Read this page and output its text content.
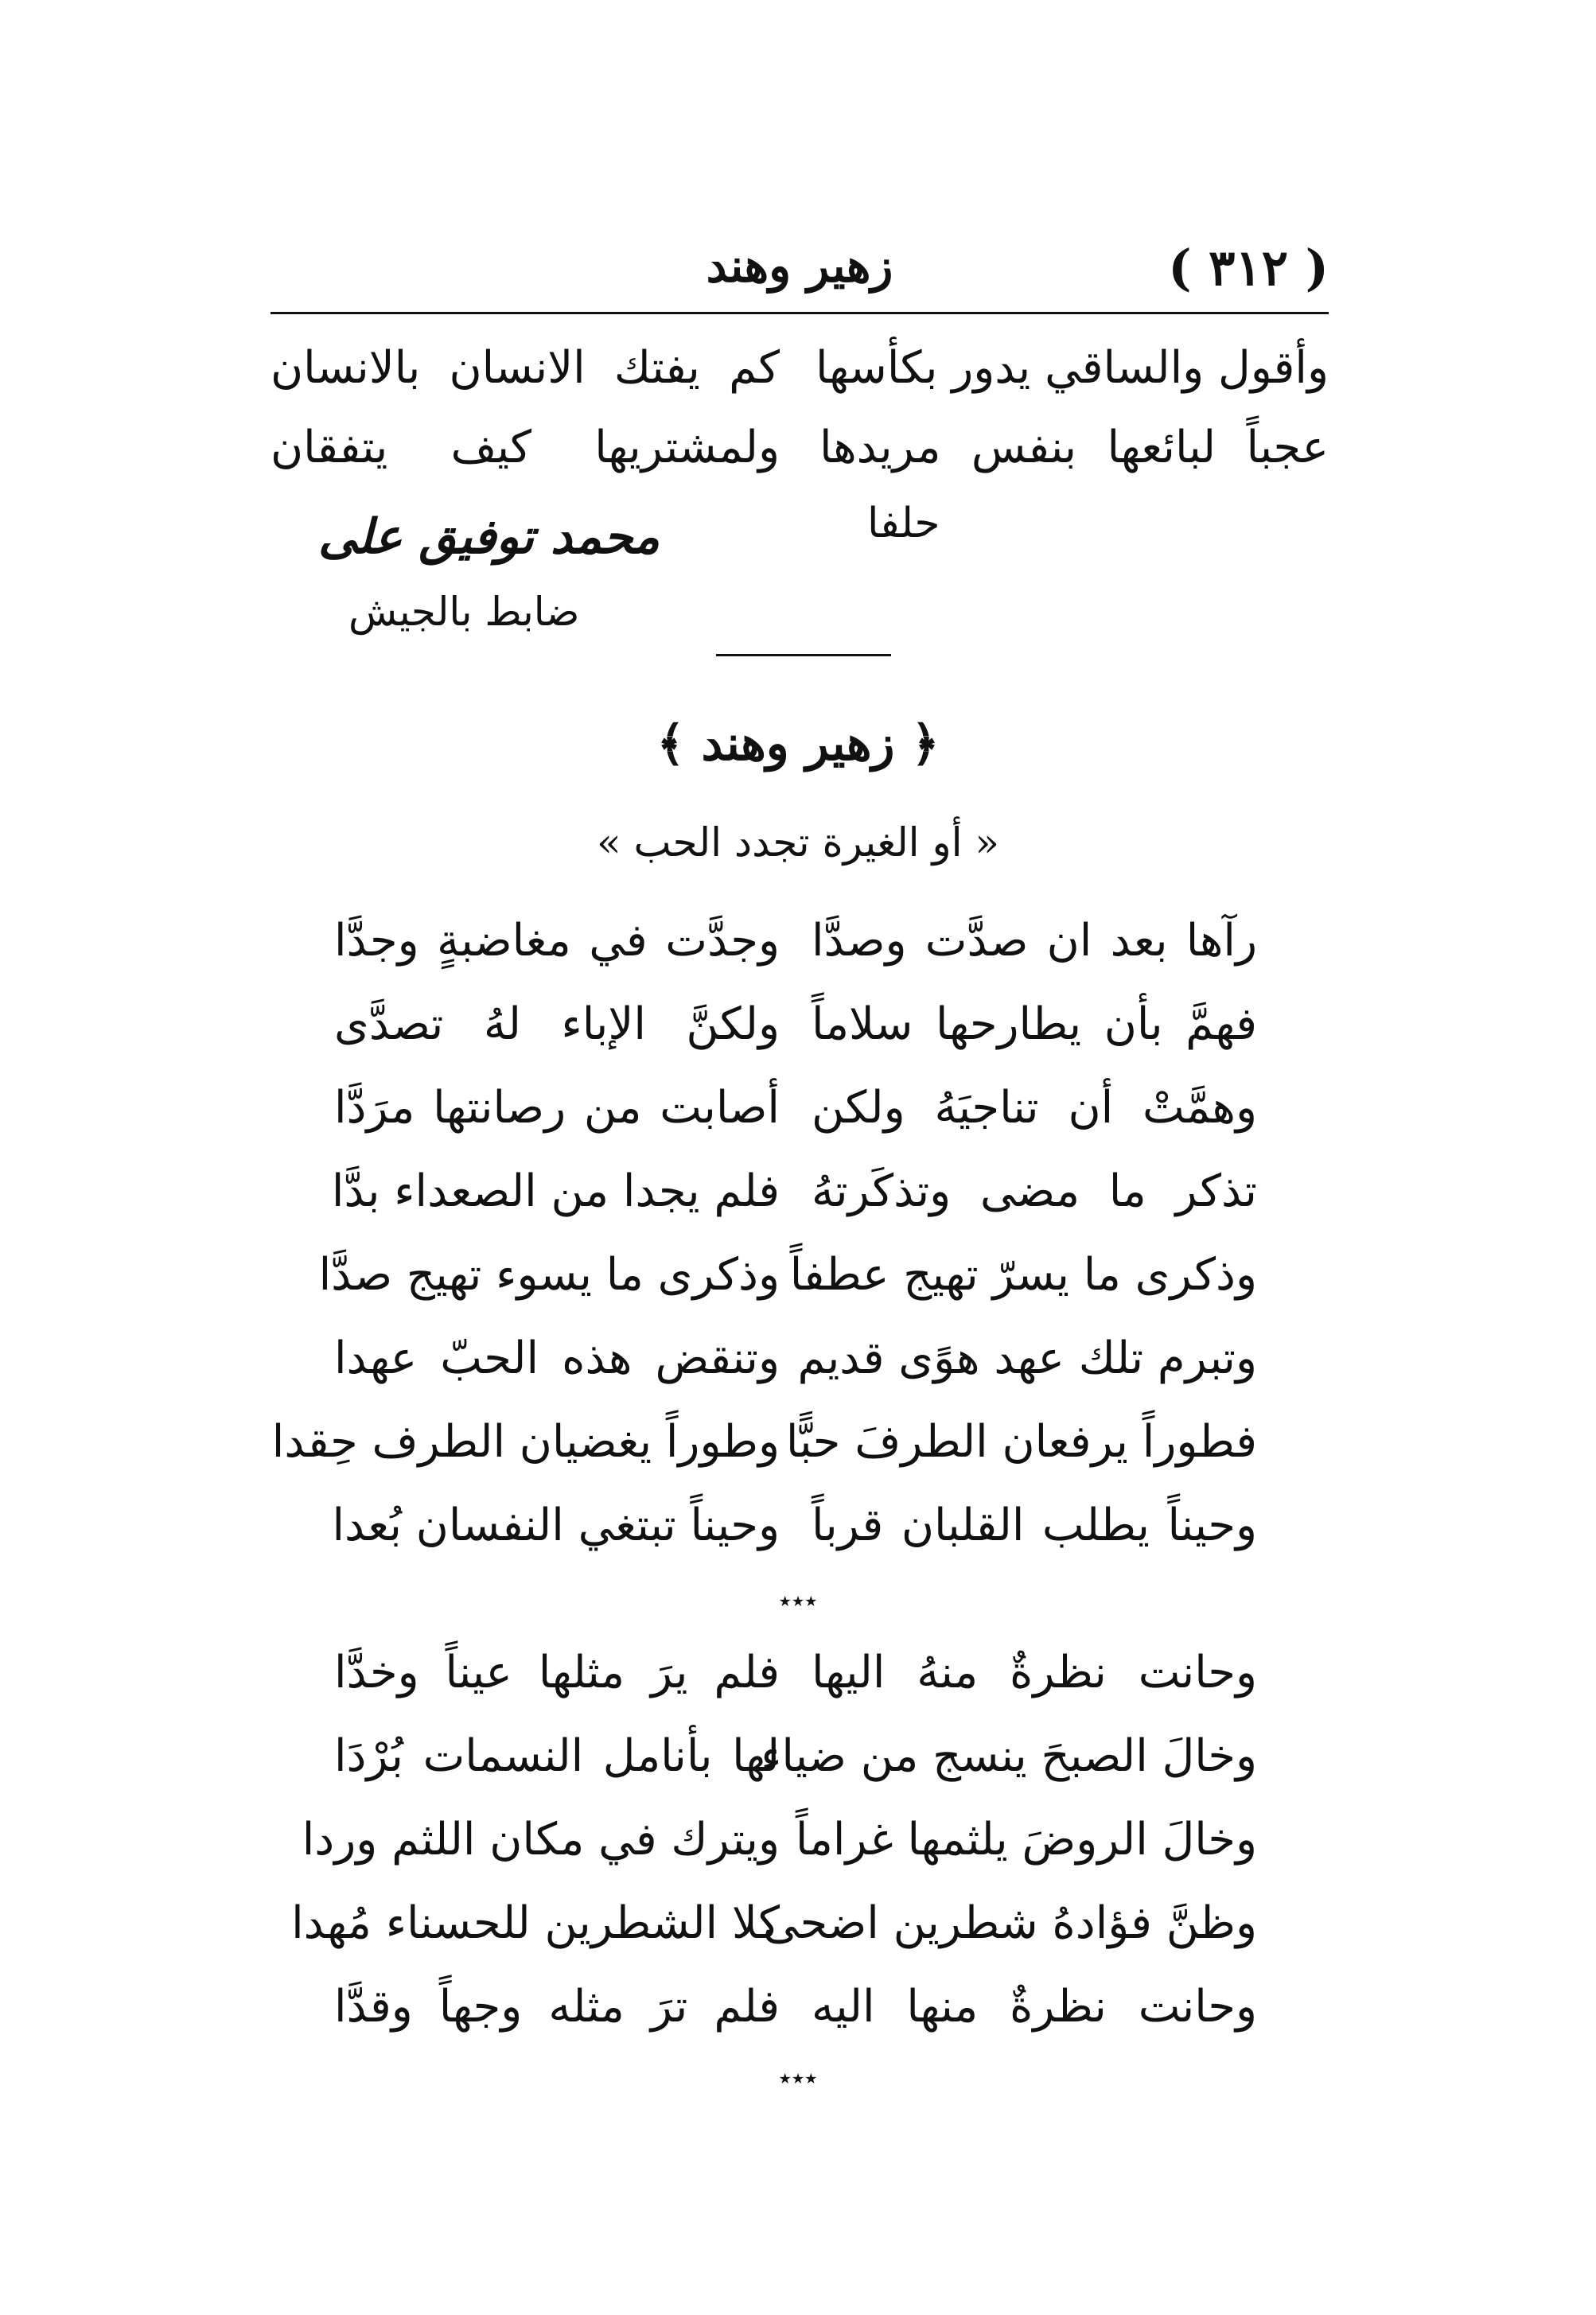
( ٣١٢ )
زهير وهند
وأقول والساقي يدور بكأسها
كم يفتك الانسان بالانسان
عجباً لبائعها بنفس مريدها
ولمشتريها كيف يتفقان
حلفا
محمد توفيق على
ضابط بالجيش
﴿ زهير وهند ﴾
« أو الغيرة تجدد الحب »
رآها بعد ان صدَّت وصدَّا
وجدَّت في مغاضبةٍ وجدَّا
فهمَّ بأن يطارحها سلاماً
ولكنَّ الإباء لهُ تصدَّى
وهمَّتْ أن تناجيَهُ ولكن
أصابت من رصانتها مرَدَّا
تذكر ما مضى وتذكَرتهُ
فلم يجدا من الصعداء بدَّا
وذكرى ما يسرّ تهيج عطفاً
وذكرى ما يسوء تهيج صدَّا
وتبرم تلك عهد هوًى قديم
وتنقض هذه الحبّ عهدا
فطوراً يرفعان الطرفَ حبًّا
وطوراً يغضيان الطرف حِقدا
وحيناً يطلب القلبان قرباً
وحيناً تبتغي النفسان بُعدا
٭٭٭
وحانت نظرةٌ منهُ اليها
فلم يرَ مثلها عيناً وخدَّا
وخالَ الصبحَ ينسج من ضياء
لها بأنامل النسمات بُرْدَا
وخالَ الروضَ يلثمها غراماً
ويترك في مكان اللثم وردا
وظنَّ فؤادهُ شطرين اضحى
كلا الشطرين للحسناء مُهدا
وحانت نظرةٌ منها اليه
فلم ترَ مثله وجهاً وقدَّا
٭٭٭
